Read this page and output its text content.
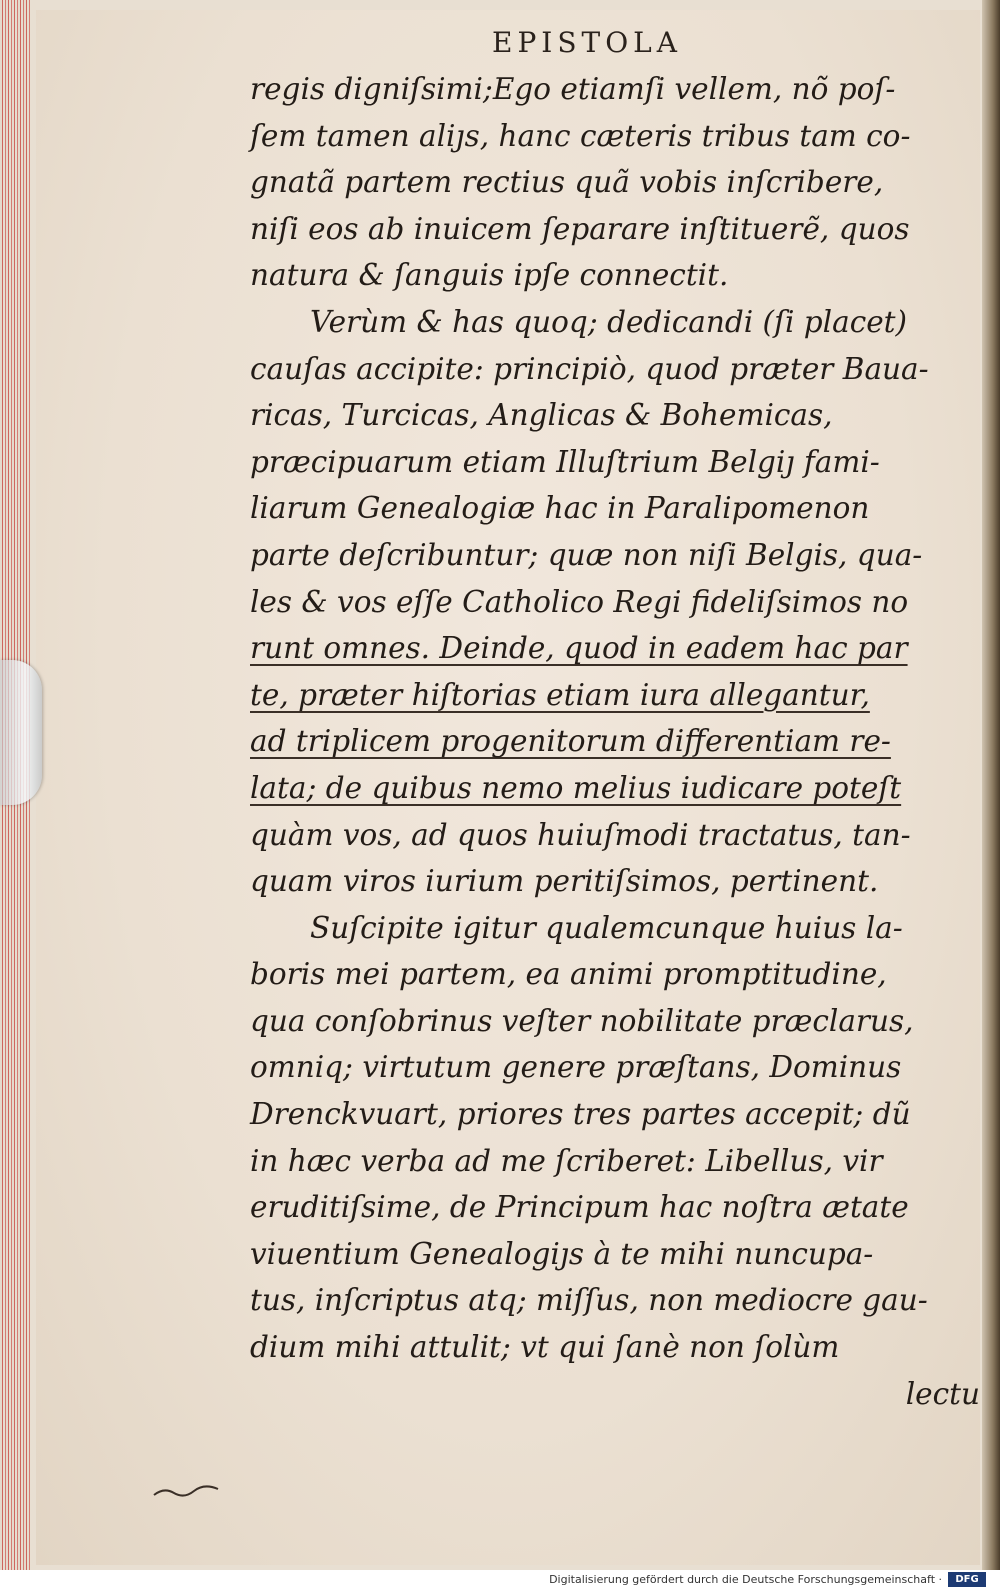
EPISTOLA
regis digniſsimi;Ego etiamſi vellem, nõ poſ-
ſem tamen aliȷs, hanc cæteris tribus tam co-
gnatã partem rectius quã vobis inſcribere,
niſi eos ab inuicem ſeparare inſtituerẽ, quos
natura & ſanguis ipſe connectit.
Verùm & has quoq; dedicandi (ſi placet)
cauſas accipite: principiò, quod præter Baua-
ricas, Turcicas, Anglicas & Bohemicas,
præcipuarum etiam Illuſtrium Belgiȷ fami-
liarum Genealogiæ hac in Paralipomenon
parte deſcribuntur; quæ non niſi Belgis, qua-
les & vos eſſe Catholico Regi fideliſsimos no
runt omnes. Deinde, quod in eadem hac par
te, præter hiſtorias etiam iura allegantur,
ad triplicem progenitorum differentiam re-
lata; de quibus nemo melius iudicare poteſt
quàm vos, ad quos huiuſmodi tractatus, tan-
quam viros iurium peritiſsimos, pertinent.
Suſcipite igitur qualemcunque huius la-
boris mei partem, ea animi promptitudine,
qua conſobrinus veſter nobilitate præclarus,
omniq; virtutum genere præſtans, Dominus
Drenckvuart, priores tres partes accepit; dũ
in hæc verba ad me ſcriberet: Libellus, vir
eruditiſsime, de Principum hac noſtra ætate
viuentium Genealogiȷs à te mihi nuncupa-
tus, inſcriptus atq; miſſus, non mediocre gau-
dium mihi attulit; vt qui ſanè non ſolùm
lectu
Digitalisierung gefördert durch die Deutsche Forschungsgemeinschaft ·	DFG
